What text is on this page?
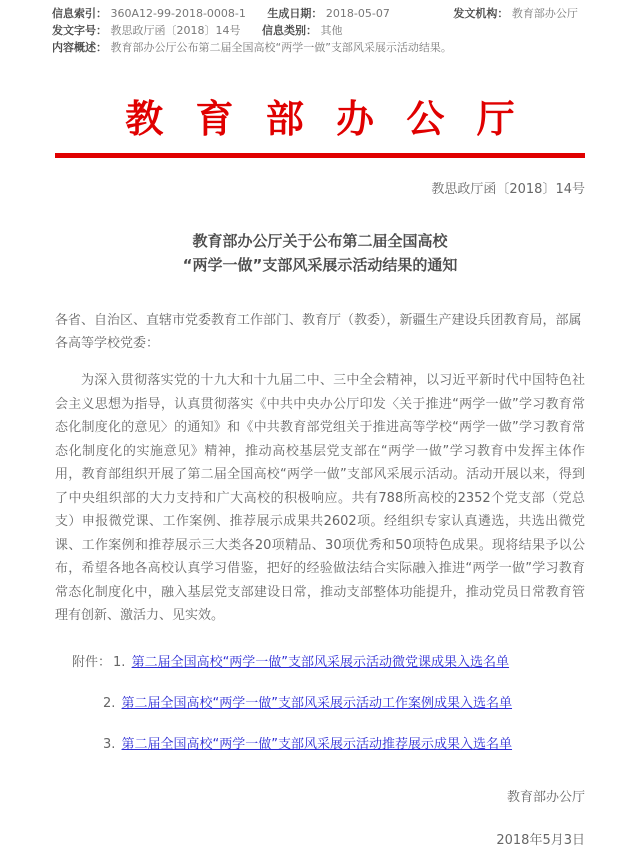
信息索引： 360A12-99-2018-0008-1 生成日期： 2018-05-07	发文机构： 教育部办公厅
发文字号： 教思政厅函〔2018〕14号 信息类别： 其他
内容概述： 教育部办公厅公布第二届全国高校“两学一做”支部风采展示活动结果。
教育部办公厅
教思政厅函〔2018〕14号
教育部办公厅关于公布第二届全国高校
“两学一做”支部风采展示活动结果的通知
各省、自治区、直辖市党委教育工作部门、教育厅（教委），新疆生产建设兵团教育局，部属各高等学校党委：
为深入贯彻落实党的十九大和十九届二中、三中全会精神，以习近平新时代中国特色社会主义思想为指导，认真贯彻落实《中共中央办公厅印发〈关于推进“两学一做”学习教育常态化制度化的意见〉的通知》和《中共教育部党组关于推进高等学校“两学一做”学习教育常态化制度化的实施意见》精神，推动高校基层党支部在“两学一做”学习教育中发挥主体作用，教育部组织开展了第二届全国高校“两学一做”支部风采展示活动。活动开展以来，得到了中央组织部的大力支持和广大高校的积极响应。共有788所高校的2352个党支部（党总支）申报微党课、工作案例、推荐展示成果共2602项。经组织专家认真遴选，共选出微党课、工作案例和推荐展示三大类各20项精品、30项优秀和50项特色成果。现将结果予以公布，希望各地各高校认真学习借鉴，把好的经验做法结合实际融入推进“两学一做”学习教育常态化制度化中，融入基层党支部建设日常，推动支部整体功能提升，推动党员日常教育管理有创新、激活力、见实效。
附件： 1. 第二届全国高校“两学一做”支部风采展示活动微党课成果入选名单
2. 第二届全国高校“两学一做”支部风采展示活动工作案例成果入选名单
3. 第二届全国高校“两学一做”支部风采展示活动推荐展示成果入选名单
教育部办公厅
2018年5月3日
